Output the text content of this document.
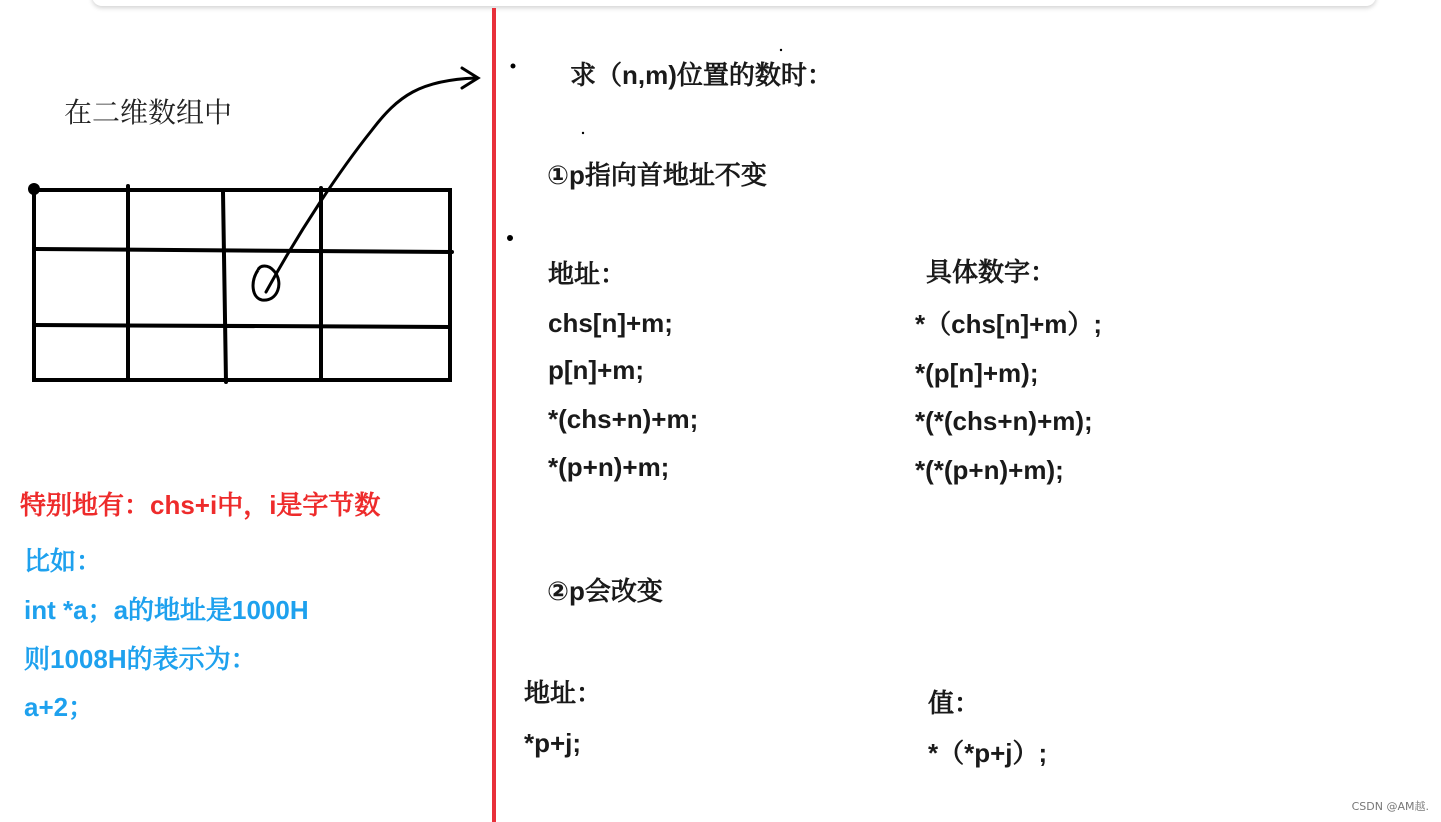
在二维数组中
特别地有：chs+i中，i是字节数
比如：
int *a；a的地址是1000H
则1008H的表示为：
a+2；
求（n,m)位置的数时：
①p指向首地址不变
地址：
chs[n]+m;
p[n]+m;
*(chs+n)+m;
*(p+n)+m;
具体数字：
*（chs[n]+m）;
*(p[n]+m);
*(*(chs+n)+m);
*(*(p+n)+m);
②p会改变
地址：
*p+j;
值：
*（*p+j）;
CSDN @AM越.
